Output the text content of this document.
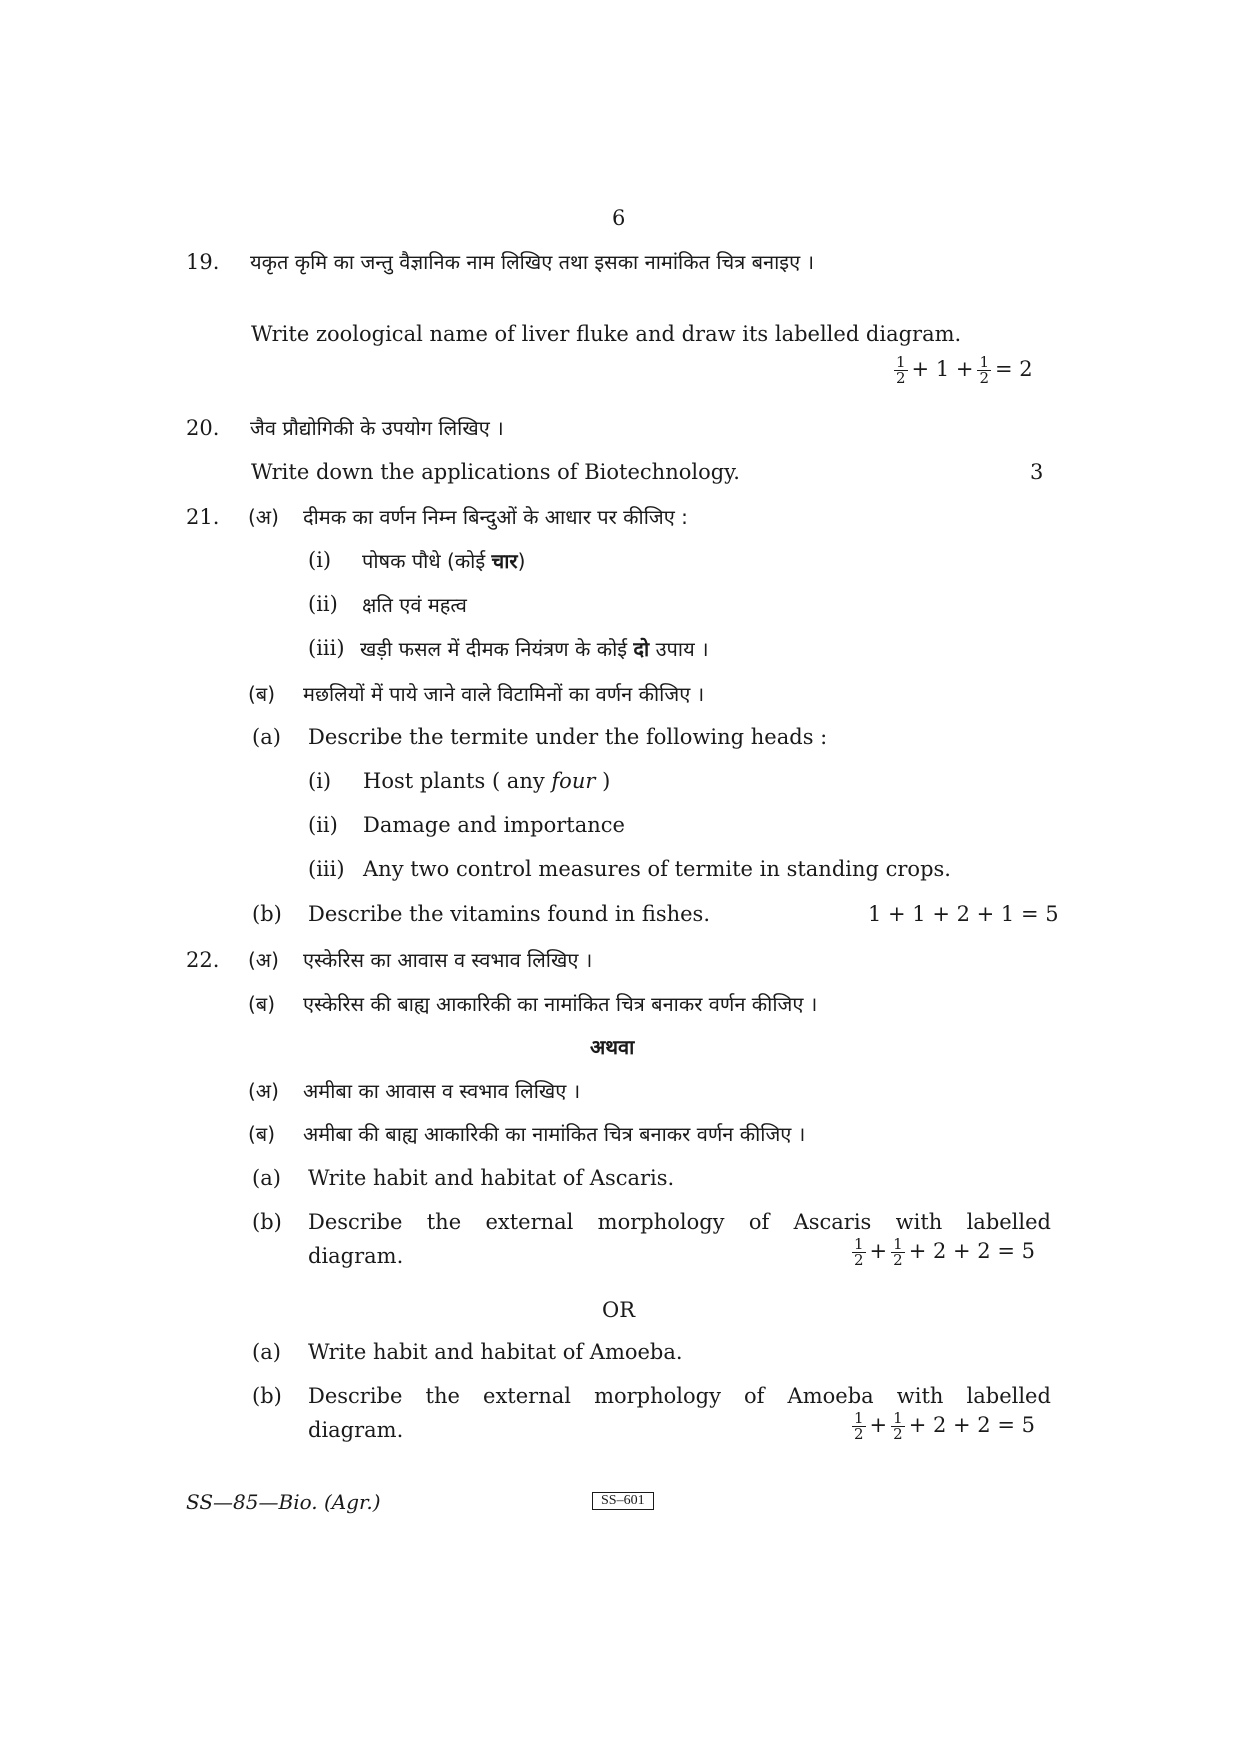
6
19. यकृत कृमि का जन्तु वैज्ञानिक नाम लिखिए तथा इसका नामांकित चित्र बनाइए ।
Write zoological name of liver fluke and draw its labelled diagram.
$\frac{1}{2} + 1 + \frac{1}{2} = 2$
20. जैव प्रौद्योगिकी के उपयोग लिखिए ।
Write down the applications of Biotechnology.	3
21. (अ) दीमक का वर्णन निम्न बिन्दुओं के आधार पर कीजिए :
(i) पोषक पौधे (कोई चार)
(ii) क्षति एवं महत्व
(iii) खड़ी फसल में दीमक नियंत्रण के कोई दो उपाय ।
(ब) मछलियों में पाये जाने वाले विटामिनों का वर्णन कीजिए ।
(a) Describe the termite under the following heads :
(i) Host plants ( any four )
(ii) Damage and importance
(iii) Any two control measures of termite in standing crops.
(b) Describe the vitamins found in fishes.	1 + 1 + 2 + 1 = 5
22. (अ) एस्केरिस का आवास व स्वभाव लिखिए ।
(ब) एस्केरिस की बाह्य आकारिकी का नामांकित चित्र बनाकर वर्णन कीजिए ।
अथवा
(अ) अमीबा का आवास व स्वभाव लिखिए ।
(ब) अमीबा की बाह्य आकारिकी का नामांकित चित्र बनाकर वर्णन कीजिए ।
(a) Write habit and habitat of Ascaris.
(b) Describe the external morphology of Ascaris with labelled
diagram.	$\frac{1}{2} + \frac{1}{2} + 2 + 2 = 5$
OR
(a) Write habit and habitat of Amoeba.
(b) Describe the external morphology of Amoeba with labelled
diagram.	$\frac{1}{2} + \frac{1}{2} + 2 + 2 = 5$
SS—85—Bio. (Agr.)	SS–601
